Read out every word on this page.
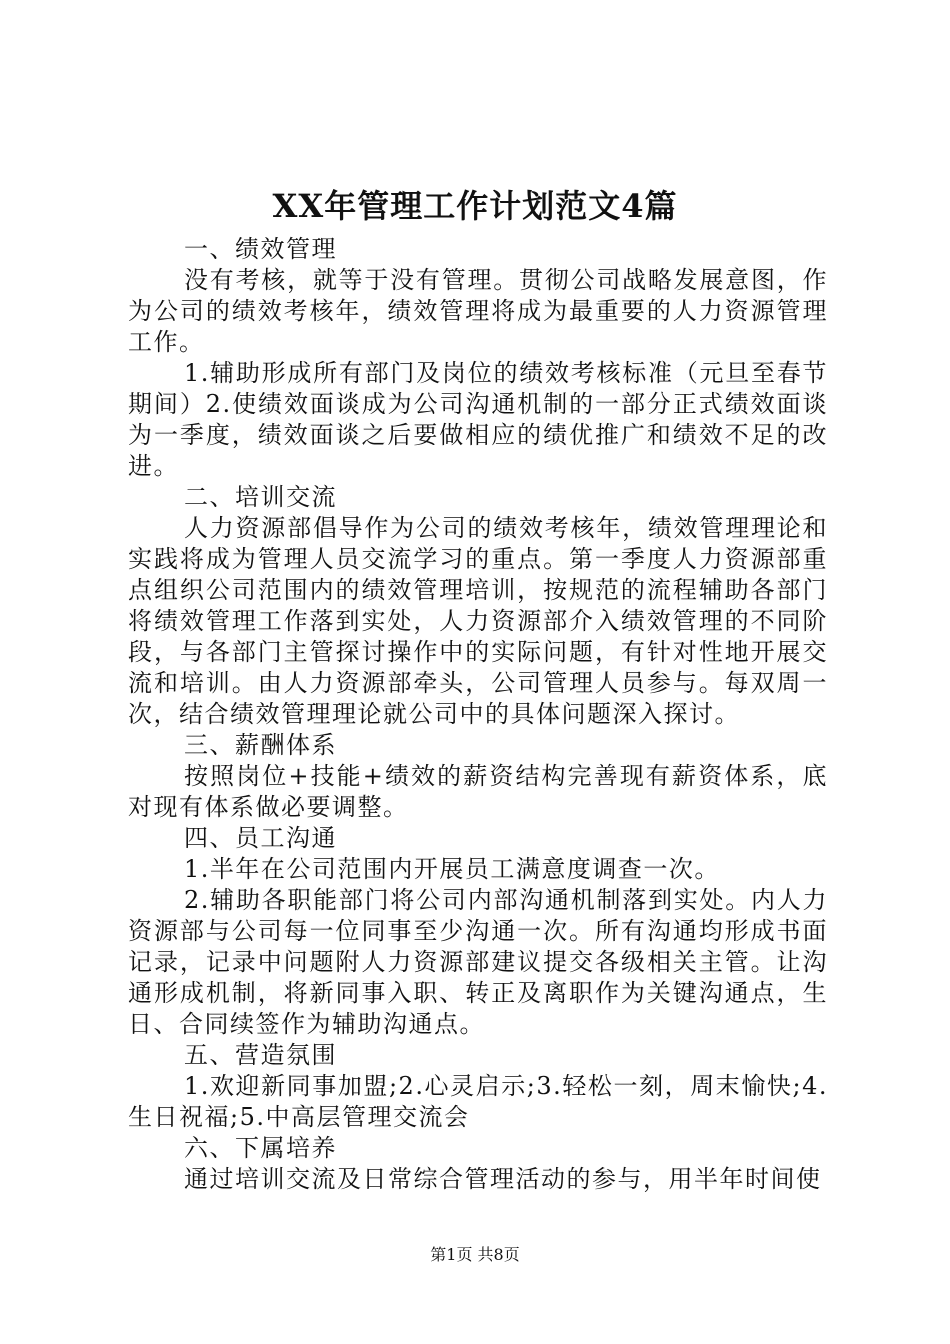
XX年管理工作计划范文4篇

一、绩效管理

没有考核，就等于没有管理。贯彻公司战略发展意图，作为公司的绩效考核年，绩效管理将成为最重要的人力资源管理工作。

1.辅助形成所有部门及岗位的绩效考核标准（元旦至春节期间）2.使绩效面谈成为公司沟通机制的一部分正式绩效面谈为一季度，绩效面谈之后要做相应的绩优推广和绩效不足的改进。

二、培训交流

人力资源部倡导作为公司的绩效考核年，绩效管理理论和实践将成为管理人员交流学习的重点。第一季度人力资源部重点组织公司范围内的绩效管理培训，按规范的流程辅助各部门将绩效管理工作落到实处，人力资源部介入绩效管理的不同阶段，与各部门主管探讨操作中的实际问题，有针对性地开展交流和培训。由人力资源部牵头，公司管理人员参与。每双周一次，结合绩效管理理论就公司中的具体问题深入探讨。

三、薪酬体系

按照岗位+技能+绩效的薪资结构完善现有薪资体系，底对现有体系做必要调整。

四、员工沟通

1.半年在公司范围内开展员工满意度调查一次。

2.辅助各职能部门将公司内部沟通机制落到实处。内人力资源部与公司每一位同事至少沟通一次。所有沟通均形成书面记录，记录中问题附人力资源部建议提交各级相关主管。让沟通形成机制，将新同事入职、转正及离职作为关键沟通点，生日、合同续签作为辅助沟通点。

五、营造氛围

1.欢迎新同事加盟;2.心灵启示;3.轻松一刻，周末愉快;4.生日祝福;5.中高层管理交流会

六、下属培养

通过培训交流及日常综合管理活动的参与，用半年时间使

第1页 共8页
